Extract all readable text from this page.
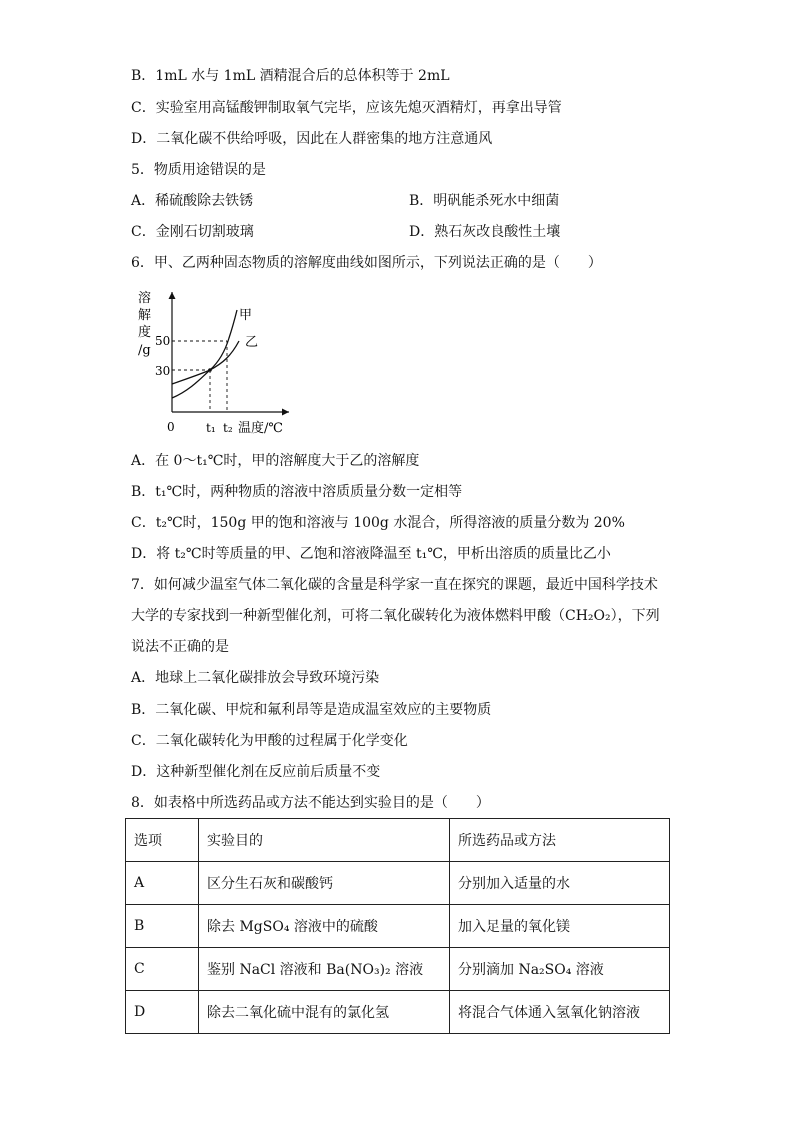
B．1mL 水与 1mL 酒精混合后的总体积等于 2mL
C．实验室用高锰酸钾制取氧气完毕，应该先熄灭酒精灯，再拿出导管
D．二氧化碳不供给呼吸，因此在人群密集的地方注意通风
5．物质用途错误的是
A．稀硫酸除去铁锈	B．明矾能杀死水中细菌
C．金刚石切割玻璃	D．熟石灰改良酸性土壤
6．甲、乙两种固态物质的溶解度曲线如图所示，下列说法正确的是（　　）
溶
解
度
/g
50
30
0	t₁ t₂ 温度/℃
甲
乙
A．在 0～t₁℃时，甲的溶解度大于乙的溶解度
B．t₁℃时，两种物质的溶液中溶质质量分数一定相等
C．t₂℃时，150g 甲的饱和溶液与 100g 水混合，所得溶液的质量分数为 20%
D．将 t₂℃时等质量的甲、乙饱和溶液降温至 t₁℃，甲析出溶质的质量比乙小
7．如何减少温室气体二氧化碳的含量是科学家一直在探究的课题，最近中国科学技术
大学的专家找到一种新型催化剂，可将二氧化碳转化为液体燃料甲酸（CH₂O₂），下列
说法不正确的是
A．地球上二氧化碳排放会导致环境污染
B．二氧化碳、甲烷和氟利昂等是造成温室效应的主要物质
C．二氧化碳转化为甲酸的过程属于化学变化
D．这种新型催化剂在反应前后质量不变
8．如表格中所选药品或方法不能达到实验目的是（　　）
选项	实验目的	所选药品或方法
A	区分生石灰和碳酸钙	分别加入适量的水
B	除去 MgSO₄ 溶液中的硫酸	加入足量的氧化镁
C	鉴别 NaCl 溶液和 Ba(NO₃)₂ 溶液	分别滴加 Na₂SO₄ 溶液
D	除去二氧化硫中混有的氯化氢	将混合气体通入氢氧化钠溶液
